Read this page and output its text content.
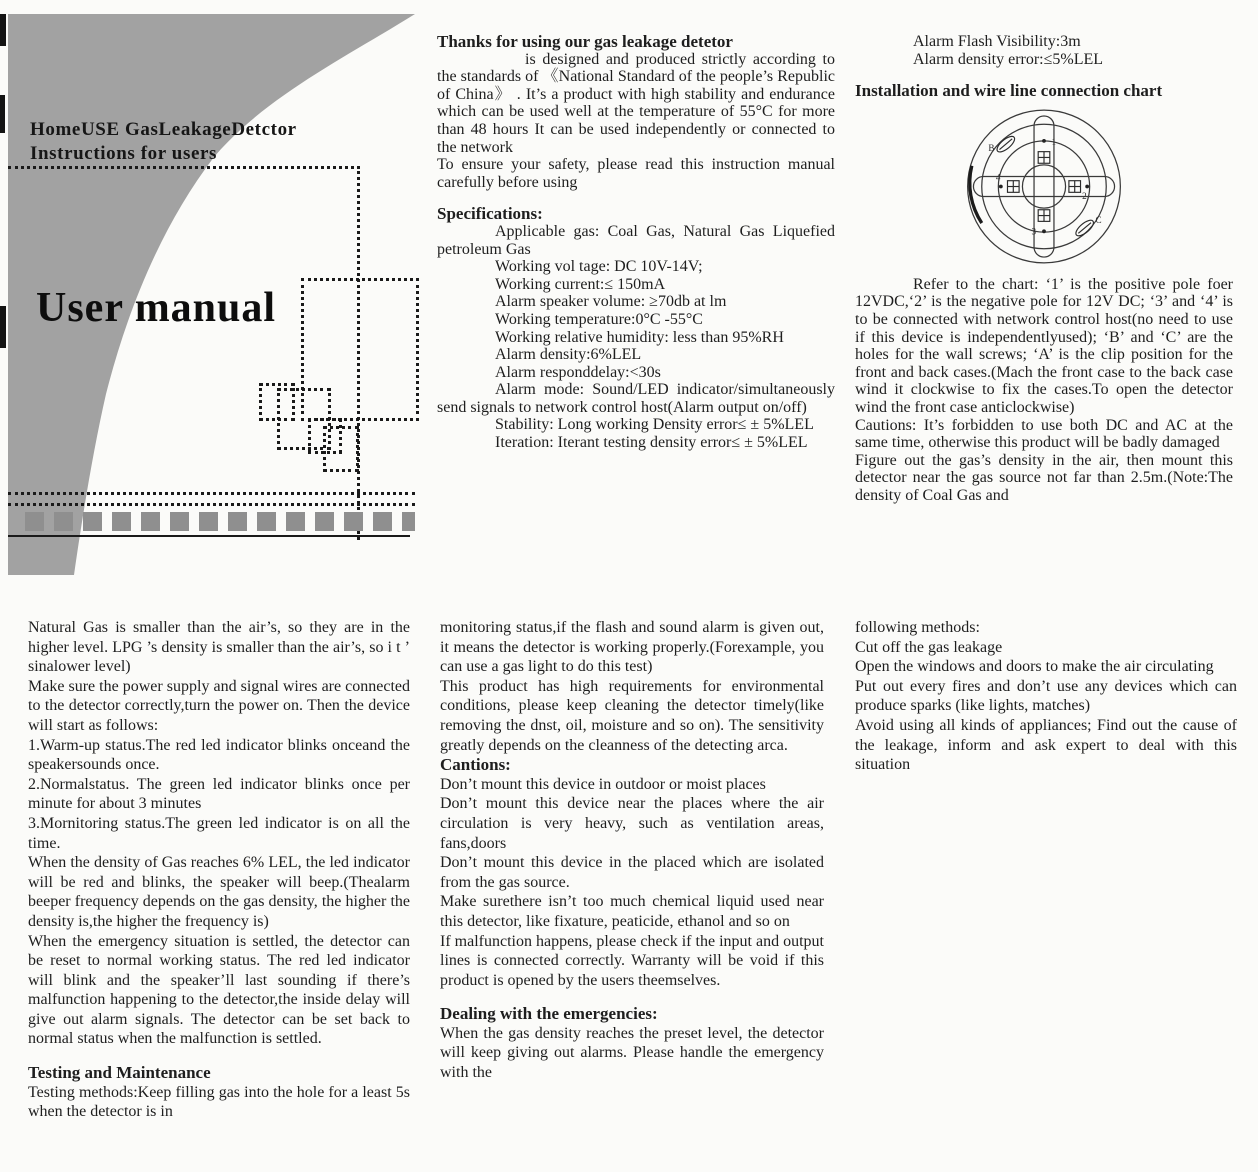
HomeUSE GasLeakageDetctor
Instructions for users
User manual

Thanks for using our gas leakage detetor

is designed and produced strictly according to the standards of 《National Standard of the people’s Republic of China》 . It’s a product with high stability and endurance which can be used well at the temperature of 55°C for more than 48 hours It can be used independently or connected to the network

To ensure your safety, please read this instruction manual carefully before using

Specifications:

Applicable gas: Coal Gas, Natural Gas Liquefied petroleum Gas

Working vol tage: DC 10V-14V;

Working current:≤ 150mA

Alarm speaker volume: ≥70db at lm

Working temperature:0°C -55°C

Working relative humidity: less than 95%RH

Alarm density:6%LEL

Alarm responddelay:<30s

Alarm mode: Sound/LED indicator/simultaneously send signals to network control host(Alarm output on/off)

Stability: Long working Density error≤ ± 5%LEL

Iteration: Iterant testing density error≤ ± 5%LEL

Alarm Flash Visibility:3m

Alarm density error:≤5%LEL

Installation and wire line connection chart

1
2
3
4
B
C

Refer to the chart: ‘1’ is the positive pole foer 12VDC,‘2’ is the negative pole for 12V DC; ‘3’ and ‘4’ is to be connected with network control host(no need to use if this device is independentlyused); ‘B’ and ‘C’ are the holes for the wall screws; ‘A’ is the clip position for the front and back cases.(Mach the front case to the back case wind it clockwise to fix the cases.To open the detector wind the front case anticlockwise)

Cautions: It’s forbidden to use both DC and AC at the same time, otherwise this product will be badly damaged

Figure out the gas’s density in the air, then mount this detector near the gas source not far than 2.5m.(Note:The density of Coal Gas and

Natural Gas is smaller than the air’s, so they are in the higher level. LPG ’s density is smaller than the air’s, so i t ’ sinalower level)

Make sure the power supply and signal wires are connected to the detector correctly,turn the power on. Then the device will start as follows:

1.Warm-up status.The red led indicator blinks onceand the speakersounds once.

2.Normalstatus. The green led indicator blinks once per minute for about 3 minutes

3.Mornitoring status.The green led indicator is on all the time.

When the density of Gas reaches 6% LEL, the led indicator will be red and blinks, the speaker will beep.(Thealarm beeper frequency depends on the gas density, the higher the density is,the higher the frequency is)

When the emergency situation is settled, the detector can be reset to normal working status. The red led indicator will blink and the speaker’ll last sounding if there’s malfunction happening to the detector,the inside delay will give out alarm signals. The detector can be set back to normal status when the malfunction is settled.

Testing and Maintenance

Testing methods:Keep filling gas into the hole for a least 5s when the detector is in

monitoring status,if the flash and sound alarm is given out, it means the detector is working properly.(Forexample, you can use a gas light to do this test)

This product has high requirements for environmental conditions, please keep cleaning the detector timely(like removing the dnst, oil, moisture and so on). The sensitivity greatly depends on the cleanness of the detecting arca.

Cantions:

Don’t mount this device in outdoor or moist places

Don’t mount this device near the places where the air circulation is very heavy, such as ventilation areas, fans,doors

Don’t mount this device in the placed which are isolated from the gas source.

Make surethere isn’t too much chemical liquid used near this detector, like fixature, peaticide, ethanol and so on

If malfunction happens, please check if the input and output lines is connected correctly. Warranty will be void if this product is opened by the users theemselves.

Dealing with the emergencies:

When the gas density reaches the preset level, the detector will keep giving out alarms. Please handle the emergency with the

following methods:

Cut off the gas leakage

Open the windows and doors to make the air circulating

Put out every fires and don’t use any devices which can produce sparks (like lights, matches)

Avoid using all kinds of appliances; Find out the cause of the leakage, inform and ask expert to deal with this situation
